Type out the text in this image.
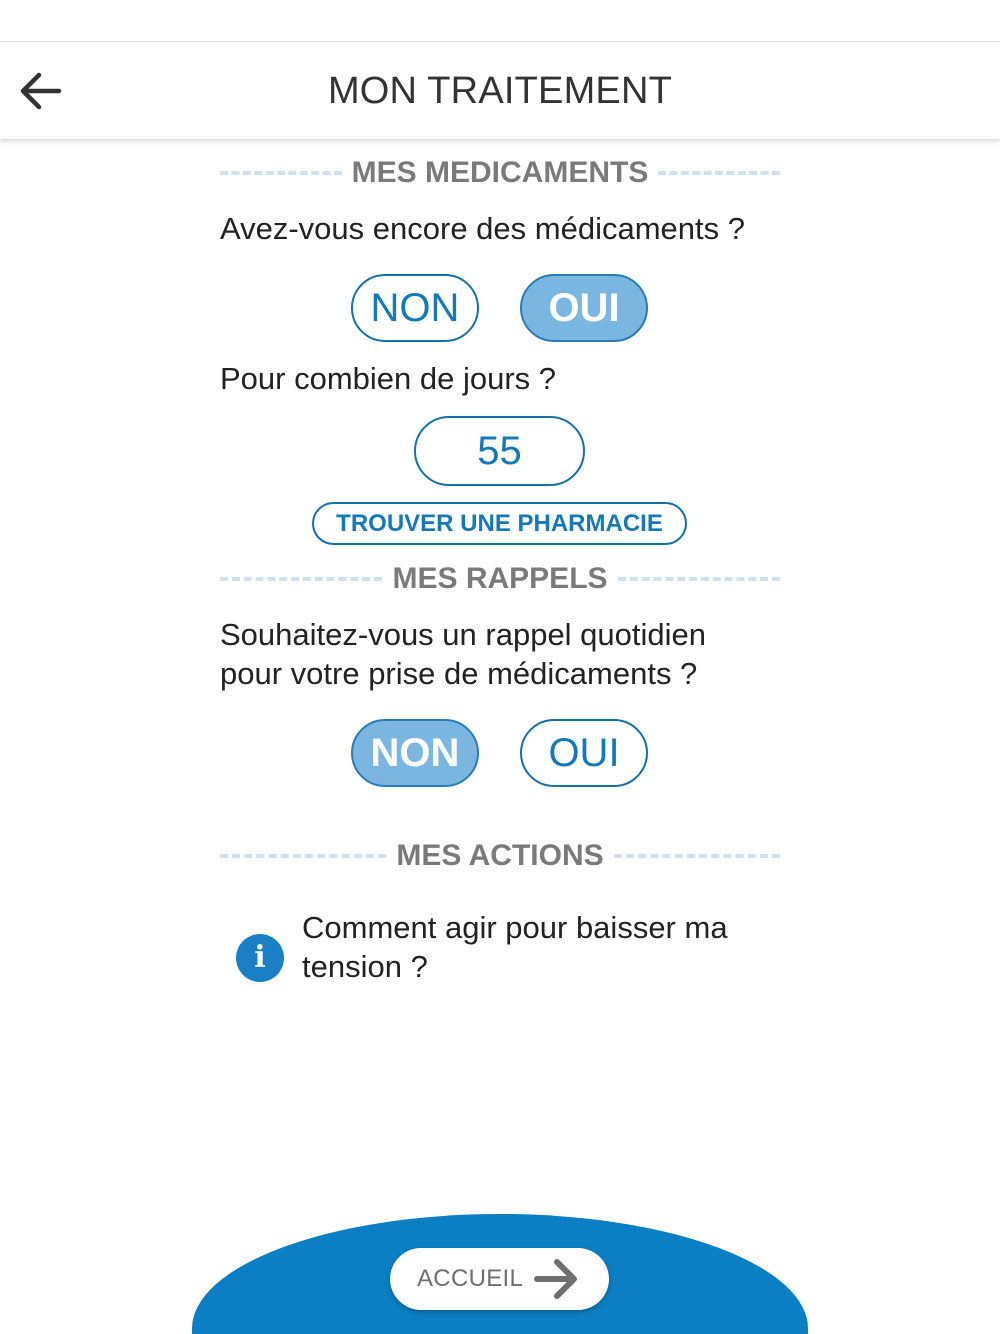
MON TRAITEMENT
MES MEDICAMENTS
Avez-vous encore des médicaments ?
NON	OUI
Pour combien de jours ?
55
TROUVER UNE PHARMACIE
MES RAPPELS
Souhaitez-vous un rappel quotidien
pour votre prise de médicaments ?
NON	OUI
MES ACTIONS
i
Comment agir pour baisser ma
tension ?
ACCUEIL
